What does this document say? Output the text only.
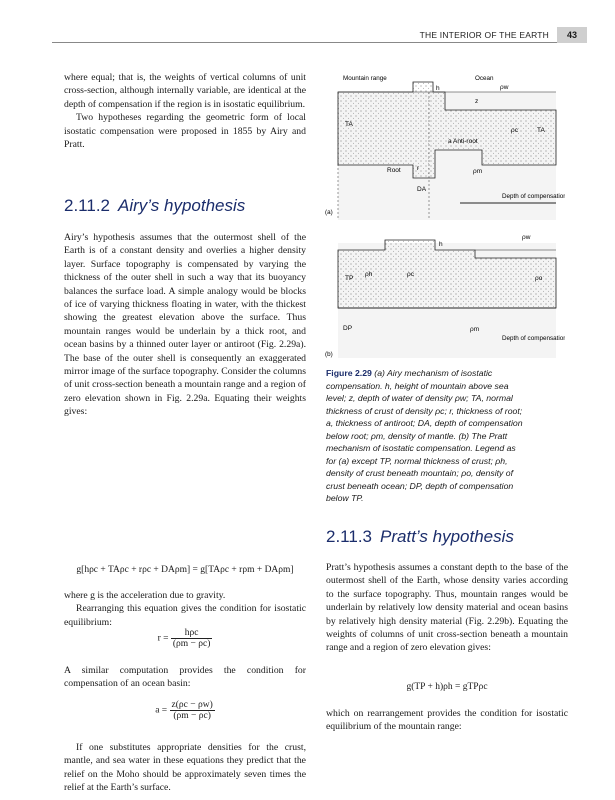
THE INTERIOR OF THE EARTH	43

where equal; that is, the weights of vertical columns of unit cross-section, although internally variable, are identical at the depth of compensation if the region is in isostatic equilibrium.

Two hypotheses regarding the geometric form of local isostatic compensation were proposed in 1855 by Airy and Pratt.

2.11.2 Airy’s hypothesis

Airy’s hypothesis assumes that the outermost shell of the Earth is of a constant density and overlies a higher density layer. Surface topography is compensated by varying the thickness of the outer shell in such a way that its buoyancy balances the surface load. A simple analogy would be blocks of ice of varying thickness floating in water, with the thickest showing the greatest elevation above the surface. Thus mountain ranges would be underlain by a thick root, and ocean basins by a thinned outer layer or antiroot (Fig. 2.29a). The base of the outer shell is consequently an exaggerated mirror image of the surface topography. Consider the columns of unit cross-section beneath a mountain range and a region of zero elevation shown in Fig. 2.29a. Equating their weights gives:

g[hρc + TAρc + rρc + DAρm] = g[TAρc + rρm + DAρm]

where g is the acceleration due to gravity.

Rearranging this equation gives the condition for isostatic equilibrium:

$r = \frac{\text{hρc}}{(\rho m - \rho c)}$

A similar computation provides the condition for compensation of an ocean basin:

$a = \frac{z(\rho c - \rho w)}{(\rho m - \rho c)}$

If one substitutes appropriate densities for the crust, mantle, and sea water in these equations they predict that the relief on the Moho should be approximately seven times the relief at the Earth’s surface.

Mountain range	Ocean
h	ρw
z
ρc
TA
TA
a Anti-root
Root	r	ρm
DA
Depth of compensation
(a)
h
ρw
ρc
ρh
ρo
TP
DP	ρm
Depth of compensation
(b)
Figure 2.29 (a) Airy mechanism of isostatic compensation. h, height of mountain above sea level; z, depth of water of density ρw; TA, normal thickness of crust of density ρc; r, thickness of root; a, thickness of antiroot; DA, depth of compensation below root; ρm, density of mantle. (b) The Pratt mechanism of isostatic compensation. Legend as for (a) except TP, normal thickness of crust; ρh, density of crust beneath mountain; ρo, density of crust beneath ocean; DP, depth of compensation below TP.
2.11.3 Pratt’s hypothesis

Pratt’s hypothesis assumes a constant depth to the base of the outermost shell of the Earth, whose density varies according to the surface topography. Thus, mountain ranges would be underlain by relatively low density material and ocean basins by relatively high density material (Fig. 2.29b). Equating the weights of columns of unit cross-section beneath a mountain range and a region of zero elevation gives:

g(TP + h)ρh = gTPρc

which on rearrangement provides the condition for isostatic equilibrium of the mountain range:
